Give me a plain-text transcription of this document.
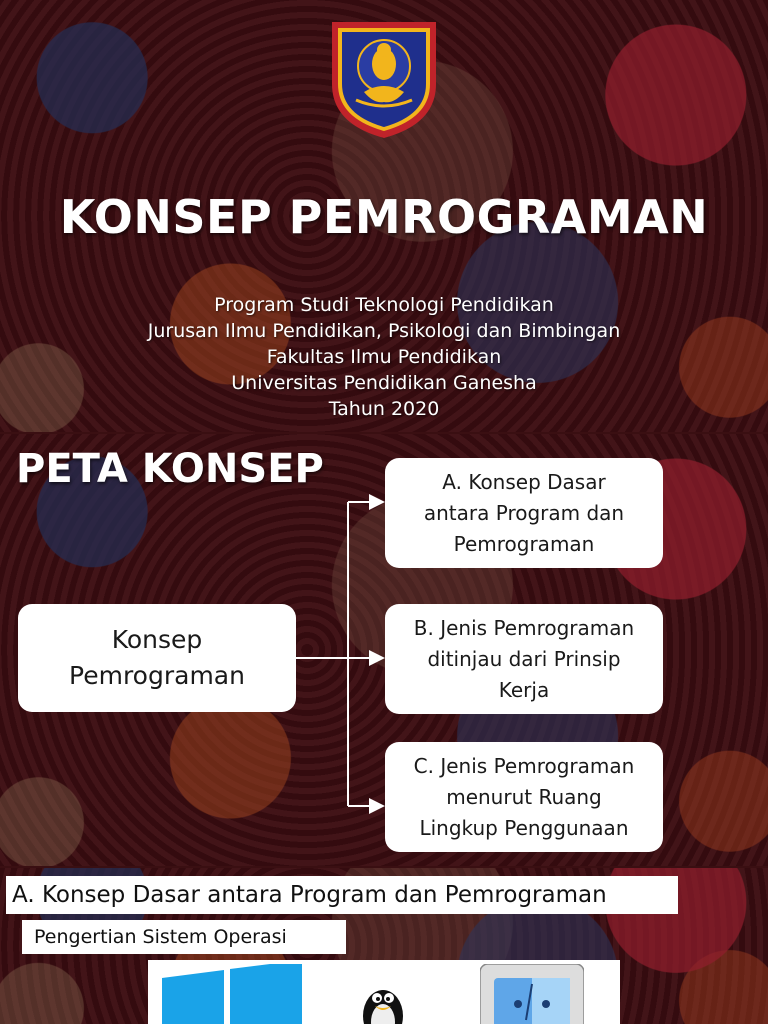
KONSEP PEMROGRAMAN
Program Studi Teknologi Pendidikan
Jurusan Ilmu Pendidikan, Psikologi dan Bimbingan
Fakultas Ilmu Pendidikan
Universitas Pendidikan Ganesha
Tahun 2020
PETA KONSEP
Konsep
Pemrograman
A. Konsep Dasar
antara Program dan
Pemrograman
B. Jenis Pemrograman
ditinjau dari Prinsip
Kerja
C. Jenis Pemrograman
menurut Ruang
Lingkup Penggunaan
A. Konsep Dasar antara Program dan Pemrograman
Pengertian Sistem Operasi
